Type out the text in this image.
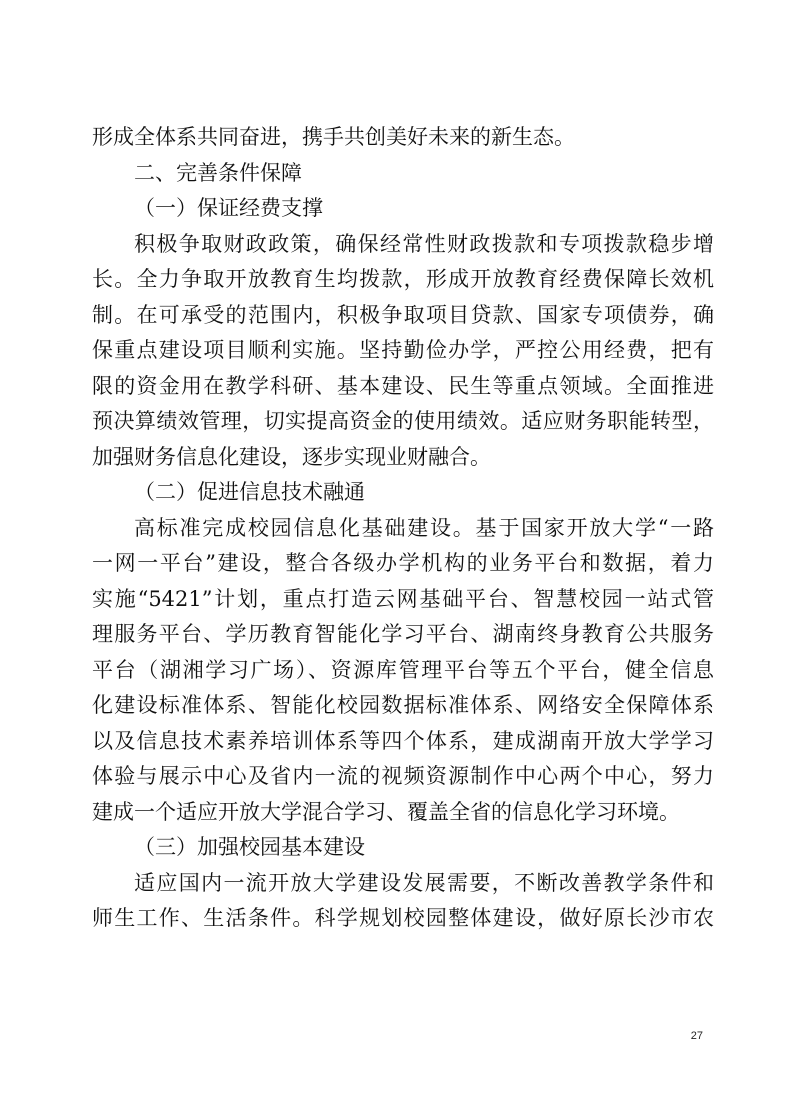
形成全体系共同奋进，携手共创美好未来的新生态。
二、完善条件保障
（一）保证经费支撑
积极争取财政政策，确保经常性财政拨款和专项拨款稳步增
长。全力争取开放教育生均拨款，形成开放教育经费保障长效机
制。在可承受的范围内，积极争取项目贷款、国家专项债券，确
保重点建设项目顺利实施。坚持勤俭办学，严控公用经费，把有
限的资金用在教学科研、基本建设、民生等重点领域。全面推进
预决算绩效管理，切实提高资金的使用绩效。适应财务职能转型，
加强财务信息化建设，逐步实现业财融合。
（二）促进信息技术融通
高标准完成校园信息化基础建设。基于国家开放大学“一路
一网一平台”建设，整合各级办学机构的业务平台和数据，着力
实施“5421”计划，重点打造云网基础平台、智慧校园一站式管
理服务平台、学历教育智能化学习平台、湖南终身教育公共服务
平台（湖湘学习广场）、资源库管理平台等五个平台，健全信息
化建设标准体系、智能化校园数据标准体系、网络安全保障体系
以及信息技术素养培训体系等四个体系，建成湖南开放大学学习
体验与展示中心及省内一流的视频资源制作中心两个中心，努力
建成一个适应开放大学混合学习、覆盖全省的信息化学习环境。
（三）加强校园基本建设
适应国内一流开放大学建设发展需要，不断改善教学条件和
师生工作、生活条件。科学规划校园整体建设，做好原长沙市农
27
